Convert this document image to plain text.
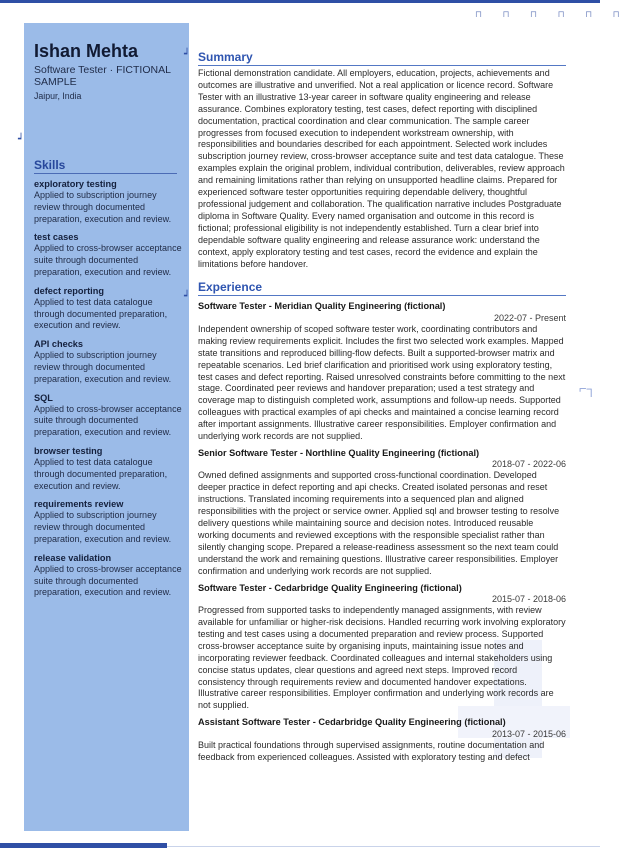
⊓ ⊓ ⊓ ⊓ ⊓ ⊓
⌐┐
Ishan Mehta

Software Tester · FICTIONAL SAMPLE

Jaipur, India

Skills
exploratory testing
Applied to subscription journey review through documented preparation, execution and review.
test cases
Applied to cross-browser acceptance suite through documented preparation, execution and review.
defect reporting
Applied to test data catalogue through documented preparation, execution and review.
API checks
Applied to subscription journey review through documented preparation, execution and review.
SQL
Applied to cross-browser acceptance suite through documented preparation, execution and review.
browser testing
Applied to test data catalogue through documented preparation, execution and review.
requirements review
Applied to subscription journey review through documented preparation, execution and review.
release validation
Applied to cross-browser acceptance suite through documented preparation, execution and review.
┙
┙
┙
Summary

Fictional demonstration candidate. All employers, education, projects, achievements and outcomes are illustrative and unverified. Not a real application or licence record. Software Tester with an illustrative 13-year career in software quality engineering and release assurance. Combines exploratory testing, test cases, defect reporting with disciplined documentation, practical coordination and clear communication. The sample career progresses from focused execution to independent workstream ownership, with responsibilities and boundaries described for each appointment. Selected work includes subscription journey review, cross-browser acceptance suite and test data catalogue. These examples explain the original problem, individual contribution, deliverables, review approach and remaining limitations rather than relying on unsupported headline claims. Prepared for experienced software tester opportunities requiring dependable delivery, thoughtful professional judgement and collaboration. The qualification narrative includes Postgraduate diploma in Software Quality. Every named organisation and outcome in this record is fictional; professional eligibility is not independently established. Turn a clear brief into dependable software quality engineering and release assurance work: understand the context, apply exploratory testing and test cases, record the evidence and explain the limitations before handover.

Experience
Software Tester - Meridian Quality Engineering (fictional)
2022-07 - Present

Independent ownership of scoped software tester work, coordinating contributors and making review requirements explicit. Includes the first two selected work examples. Mapped state transitions and reproduced billing-flow defects. Built a supported-browser matrix and repeatable scenarios. Led brief clarification and prioritised work using exploratory testing, test cases and defect reporting. Raised unresolved constraints before committing to the next stage. Coordinated peer reviews and handover preparation; used a test strategy and coverage map to distinguish completed work, assumptions and follow-up needs. Supported colleagues with practical examples of api checks and maintained a concise learning record after important assignments. Illustrative career responsibilities. Employer confirmation and underlying work records are not supplied.

Senior Software Tester - Northline Quality Engineering (fictional)
2018-07 - 2022-06

Owned defined assignments and supported cross-functional coordination. Developed deeper practice in defect reporting and api checks. Created isolated personas and reset instructions. Translated incoming requirements into a sequenced plan and aligned responsibilities with the project or service owner. Applied sql and browser testing to resolve delivery questions while maintaining source and decision notes. Introduced reusable working documents and reviewed exceptions with the responsible specialist rather than silently changing scope. Prepared a release-readiness assessment so the next team could understand the work and remaining questions. Illustrative career responsibilities. Employer confirmation and underlying work records are not supplied.

Software Tester - Cedarbridge Quality Engineering (fictional)
2015-07 - 2018-06

Progressed from supported tasks to independently managed assignments, with review available for unfamiliar or higher-risk decisions. Handled recurring work involving exploratory testing and test cases using a documented preparation and review process. Supported cross-browser acceptance suite by organising inputs, maintaining issue notes and incorporating reviewer feedback. Coordinated colleagues and internal stakeholders using concise status updates, clear questions and agreed next steps. Improved record consistency through requirements review and documented handover expectations. Illustrative career responsibilities. Employer confirmation and underlying work records are not supplied.

Assistant Software Tester - Cedarbridge Quality Engineering (fictional)
2013-07 - 2015-06

Built practical foundations through supervised assignments, routine documentation and feedback from experienced colleagues. Assisted with exploratory testing and defect
